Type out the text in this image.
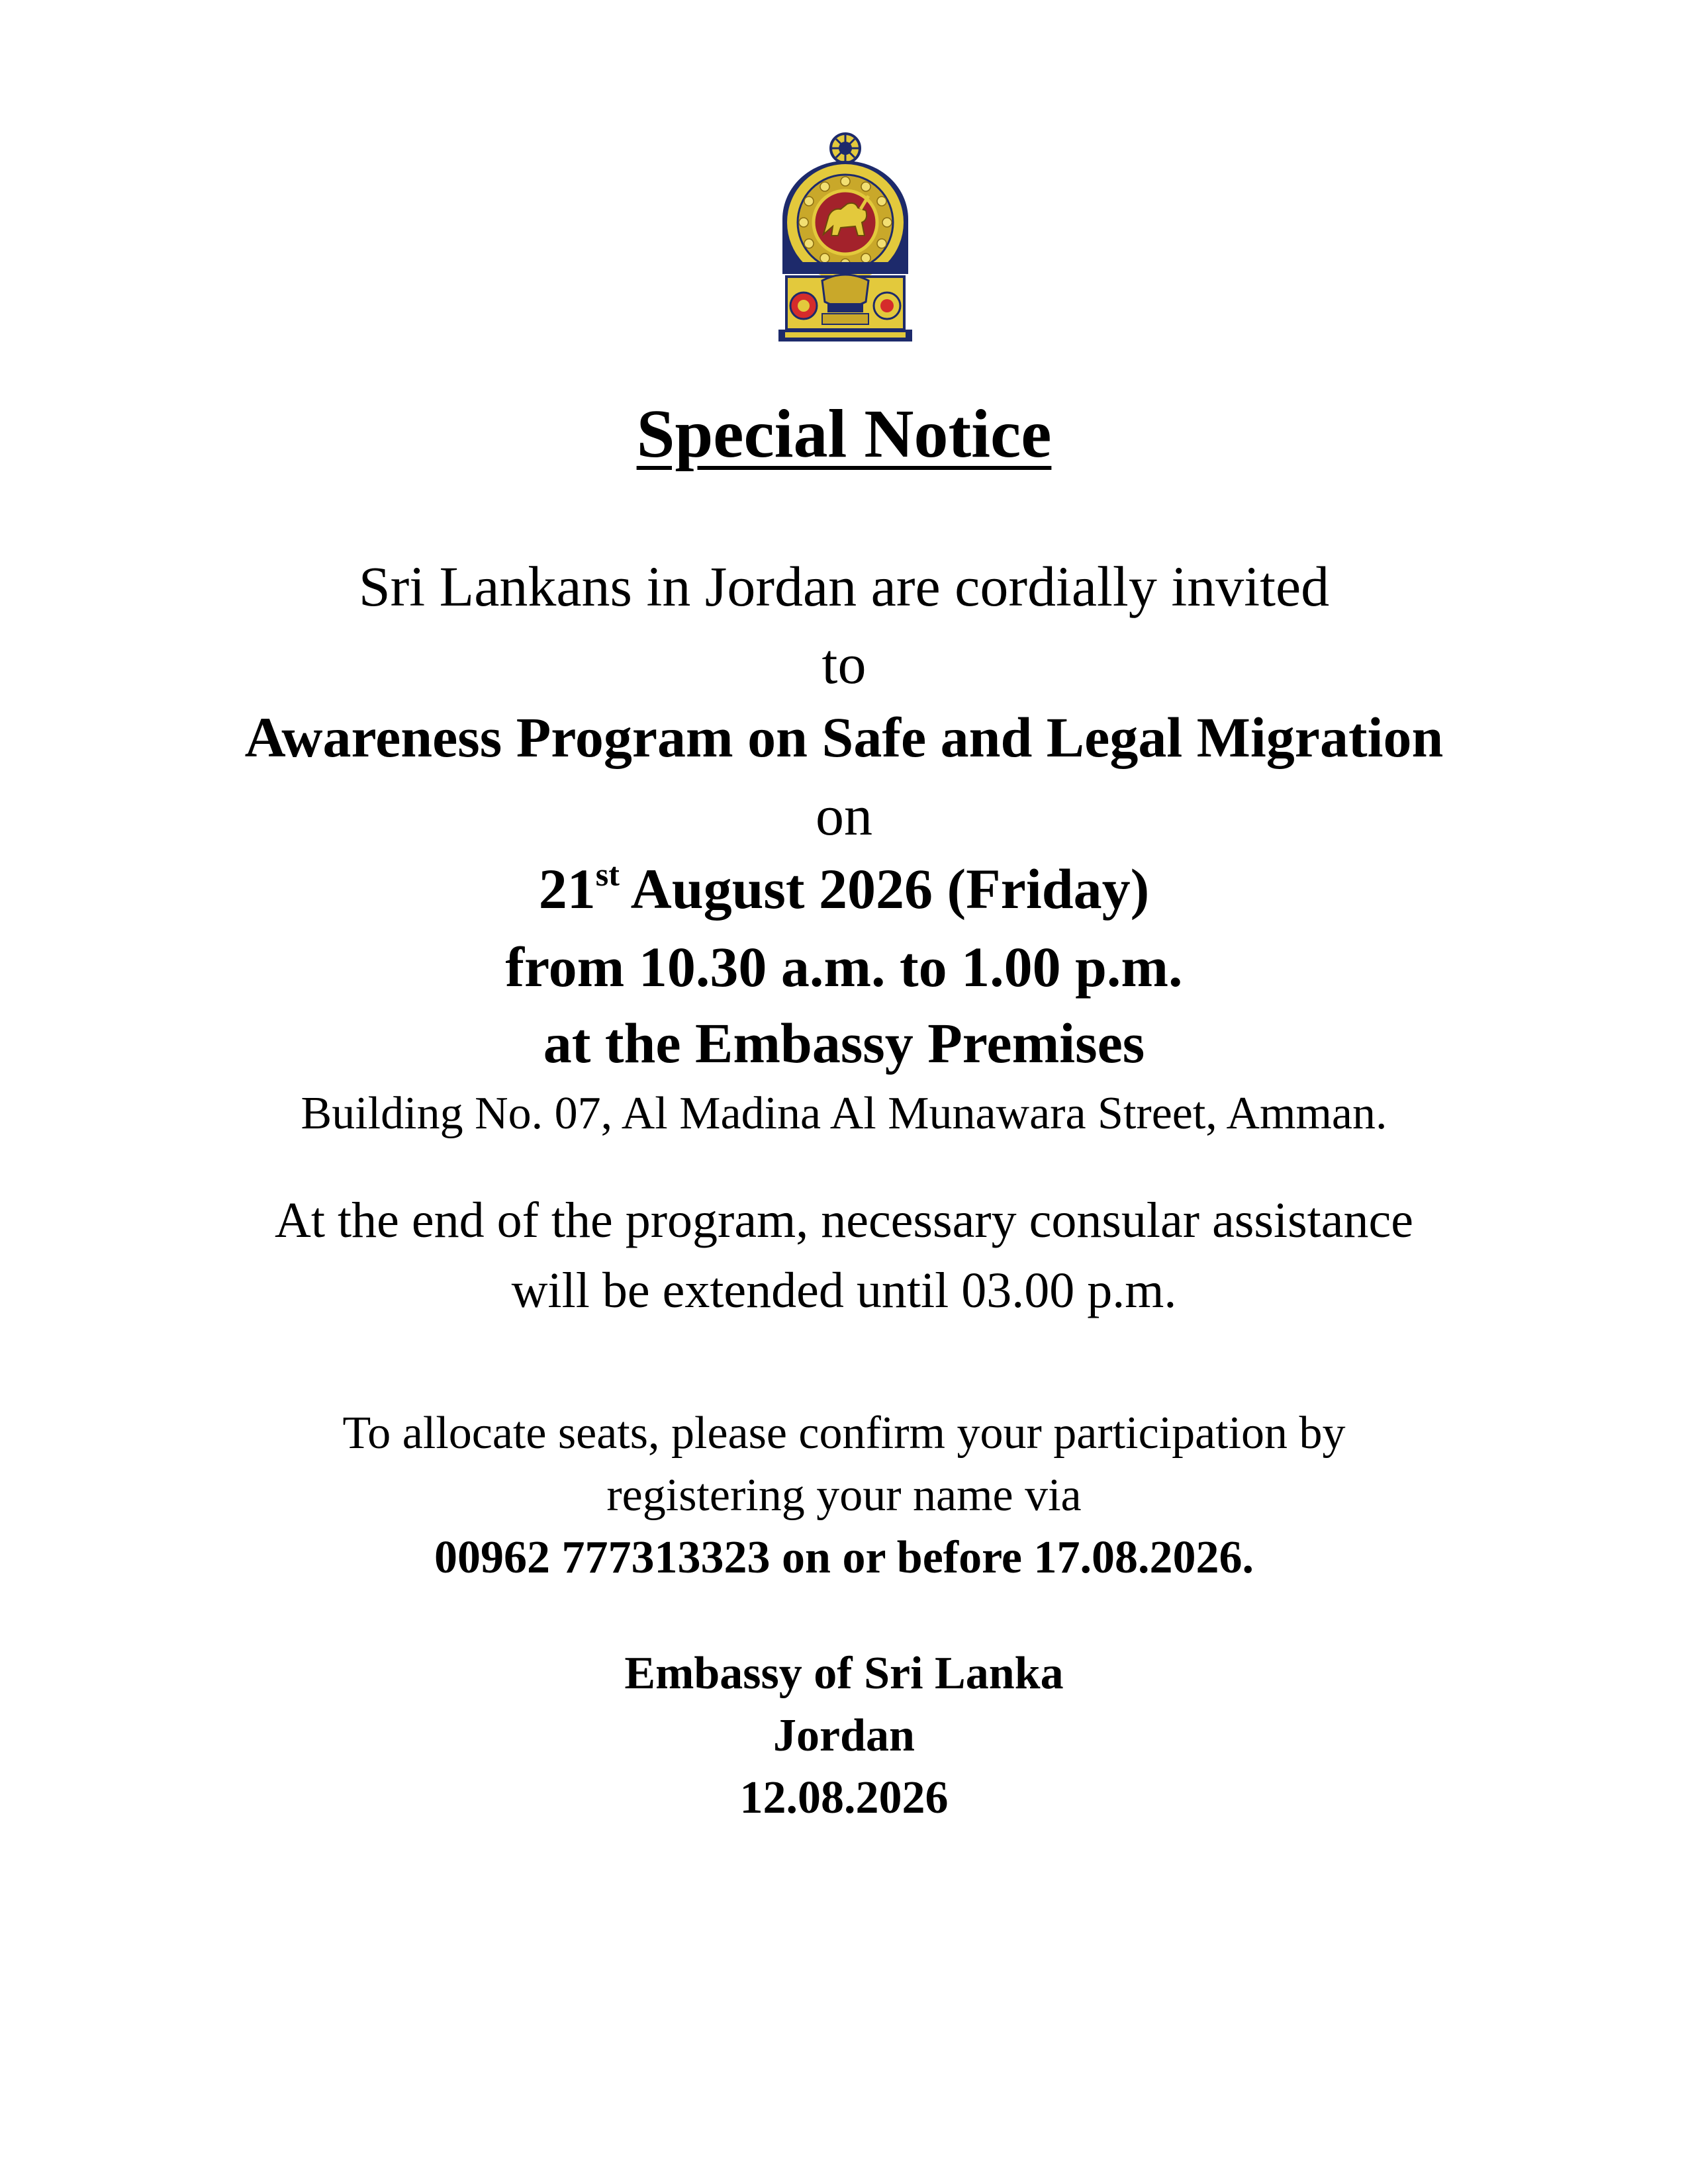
Special Notice
Sri Lankans in Jordan are cordially invited
to
Awareness Program on Safe and Legal Migration
on
21st August 2026 (Friday)
from 10.30 a.m. to 1.00 p.m.
at the Embassy Premises
Building No. 07, Al Madina Al Munawara Street, Amman.
At the end of the program, necessary consular assistance
will be extended until 03.00 p.m.
To allocate seats, please confirm your participation by
registering your name via
00962 777313323 on or before 17.08.2026.
Embassy of Sri Lanka
Jordan
12.08.2026
